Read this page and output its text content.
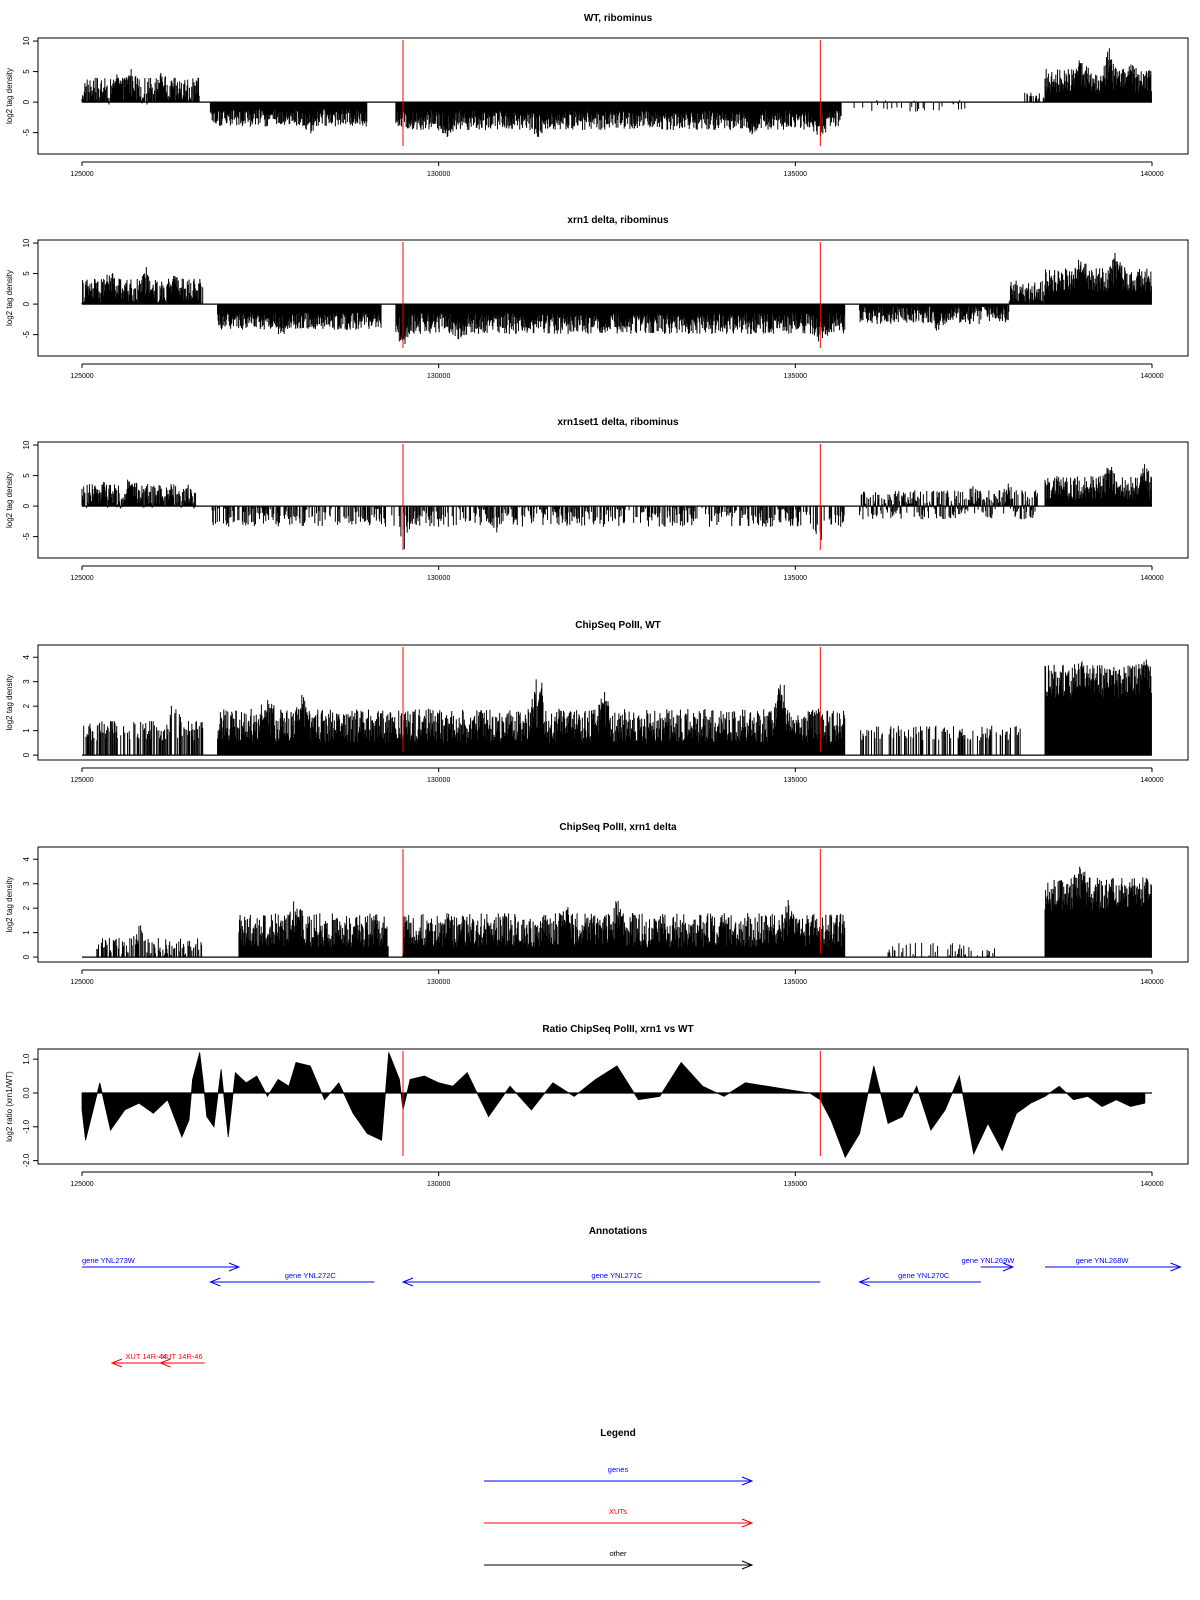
WT, ribominus
log2 tag density
-5
0
5
10
125000	130000	135000	140000
xrn1 delta, ribominus
log2 tag density
-5
0
5
10
125000	130000	135000	140000
xrn1set1 delta, ribominus
log2 tag density
-5
0
5
10
125000	130000	135000	140000
ChipSeq PolII, WT
log2 tag density
0
1
2
3
4
125000	130000	135000	140000
ChipSeq PolII, xrn1 delta
log2 tag density
0
1
2
3
4
125000	130000	135000	140000
Ratio ChipSeq PolII, xrn1 vs WT
log2 ratio (xrn1/WT)
-2.0
-1.0
0.0
1.0
125000	130000	135000	140000
Annotations
gene YNL273W
gene YNL272C	gene YNL271C	gene YNL270C
gene YNL269W	gene YNL268W
XUT 14R-44
XUT 14R-46
Legend
genes
XUTs
other
